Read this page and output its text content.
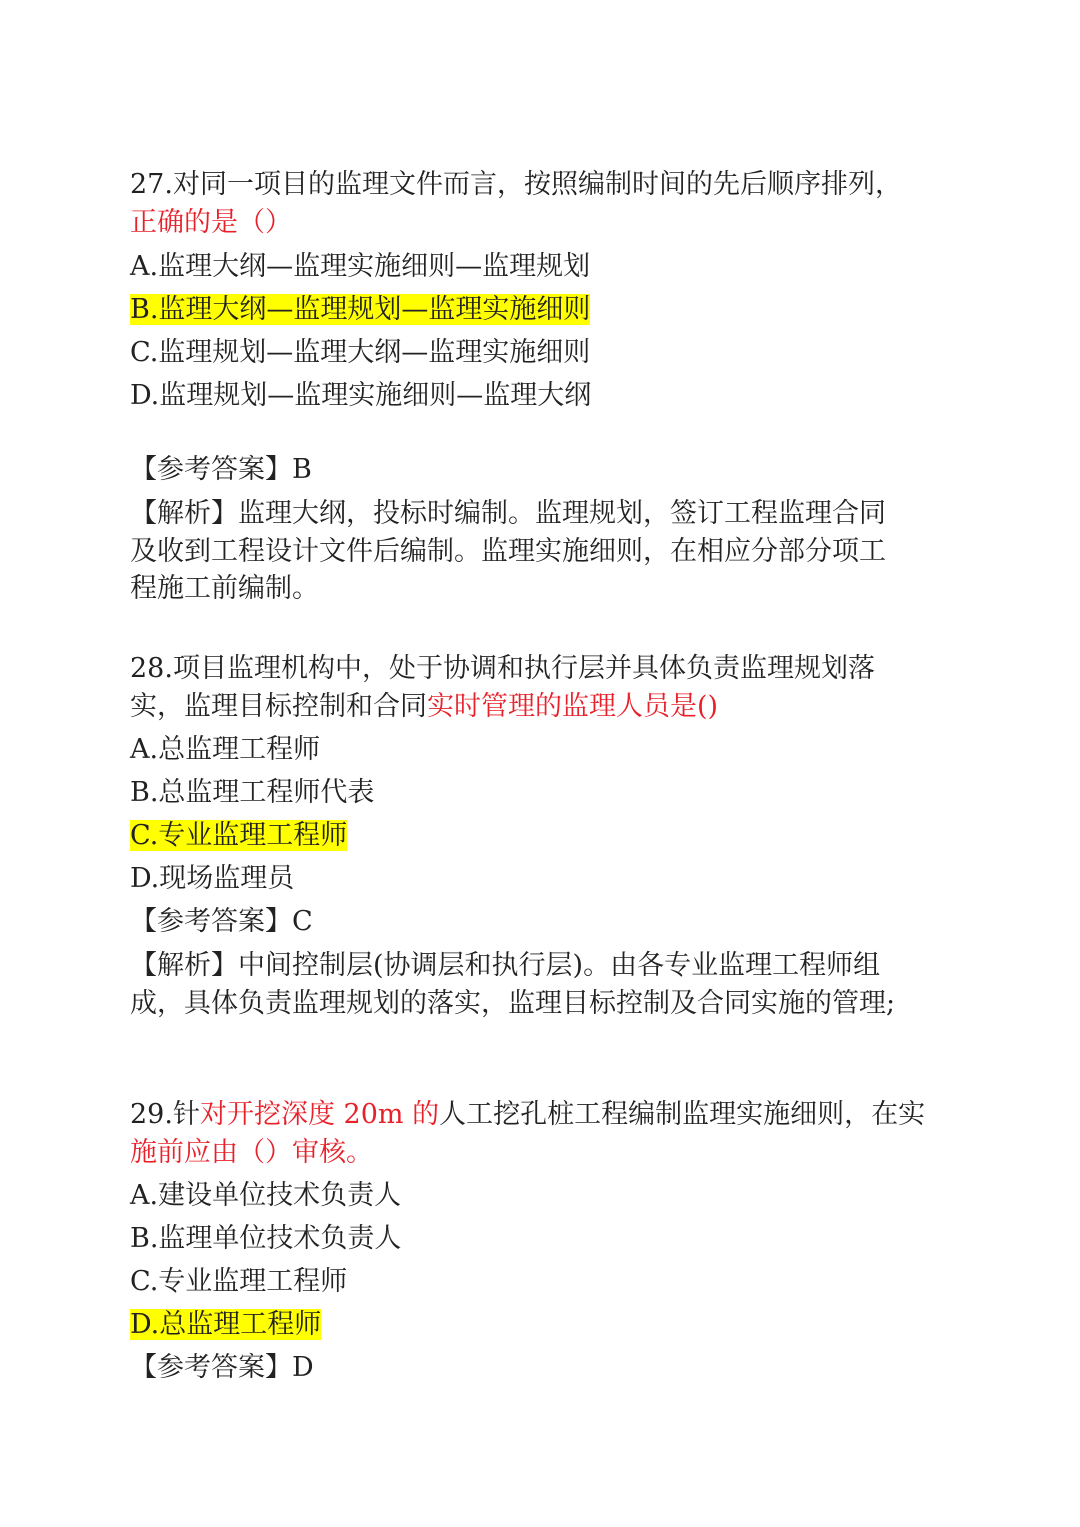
27.对同一项目的监理文件而言，按照编制时间的先后顺序排列，
正确的是（）
A.监理大纲—监理实施细则—监理规划
B.监理大纲—监理规划—监理实施细则
C.监理规划—监理大纲—监理实施细则
D.监理规划—监理实施细则—监理大纲
【参考答案】B
【解析】监理大纲，投标时编制。监理规划，签订工程监理合同
及收到工程设计文件后编制。监理实施细则，在相应分部分项工
程施工前编制。
28.项目监理机构中，处于协调和执行层并具体负责监理规划落
实，监理目标控制和合同实时管理的监理人员是()
A.总监理工程师
B.总监理工程师代表
C.专业监理工程师
D.现场监理员
【参考答案】C
【解析】中间控制层(协调层和执行层)。由各专业监理工程师组
成，具体负责监理规划的落实，监理目标控制及合同实施的管理;
29.针对开挖深度 20m 的人工挖孔桩工程编制监理实施细则，在实
施前应由（）审核。
A.建设单位技术负责人
B.监理单位技术负责人
C.专业监理工程师
D.总监理工程师
【参考答案】D
